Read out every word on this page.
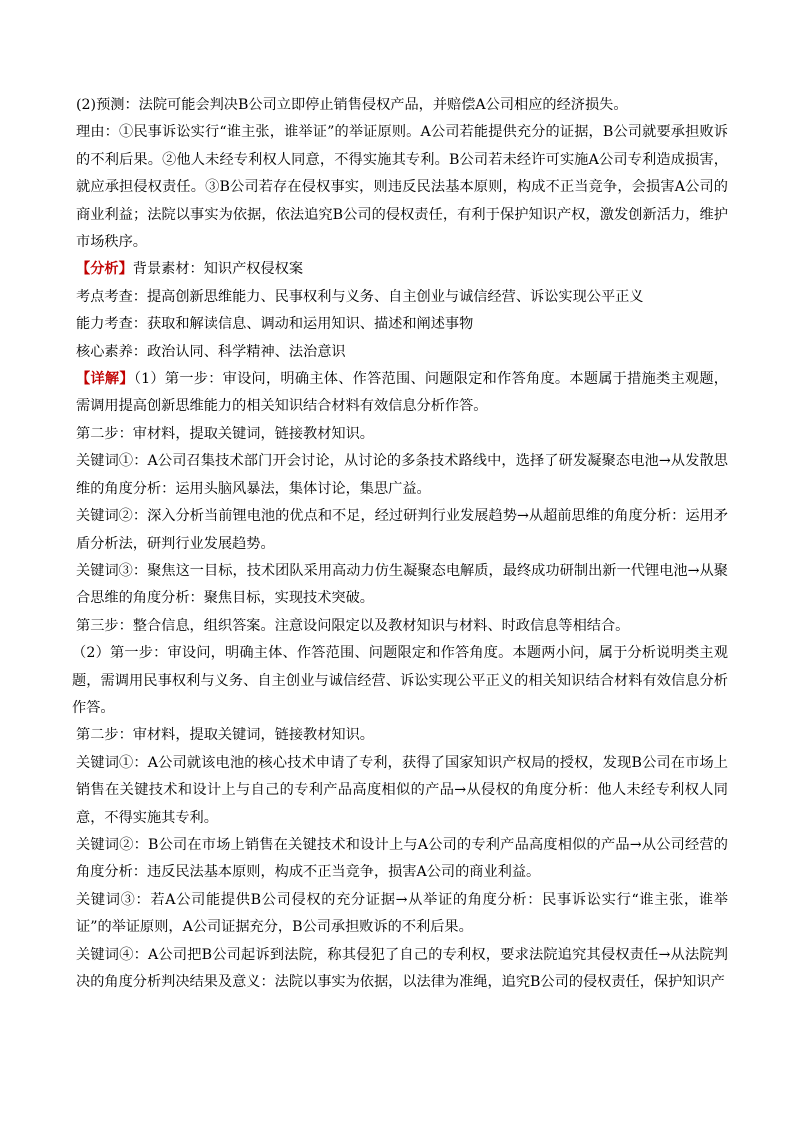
(2)预测：法院可能会判决B公司立即停止销售侵权产品，并赔偿A公司相应的经济损失。

理由：①民事诉讼实行“谁主张，谁举证”的举证原则。A公司若能提供充分的证据，B公司就要承担败诉的不利后果。②他人未经专利权人同意，不得实施其专利。B公司若未经许可实施A公司专利造成损害，就应承担侵权责任。③B公司若存在侵权事实，则违反民法基本原则，构成不正当竞争，会损害A公司的商业利益；法院以事实为依据，依法追究B公司的侵权责任，有利于保护知识产权，激发创新活力，维护市场秩序。

【分析】背景素材：知识产权侵权案

考点考查：提高创新思维能力、民事权利与义务、自主创业与诚信经营、诉讼实现公平正义

能力考查：获取和解读信息、调动和运用知识、描述和阐述事物

核心素养：政治认同、科学精神、法治意识

【详解】（1）第一步：审设问，明确主体、作答范围、问题限定和作答角度。本题属于措施类主观题，需调用提高创新思维能力的相关知识结合材料有效信息分析作答。

第二步：审材料，提取关键词，链接教材知识。

关键词①：A公司召集技术部门开会讨论，从讨论的多条技术路线中，选择了研发凝聚态电池→从发散思维的角度分析：运用头脑风暴法，集体讨论，集思广益。

关键词②：深入分析当前锂电池的优点和不足，经过研判行业发展趋势→从超前思维的角度分析：运用矛盾分析法，研判行业发展趋势。

关键词③：聚焦这一目标，技术团队采用高动力仿生凝聚态电解质，最终成功研制出新一代锂电池→从聚合思维的角度分析：聚焦目标，实现技术突破。

第三步：整合信息，组织答案。注意设问限定以及教材知识与材料、时政信息等相结合。

（2）第一步：审设问，明确主体、作答范围、问题限定和作答角度。本题两小问，属于分析说明类主观题，需调用民事权利与义务、自主创业与诚信经营、诉讼实现公平正义的相关知识结合材料有效信息分析作答。

第二步：审材料，提取关键词，链接教材知识。

关键词①：A公司就该电池的核心技术申请了专利，获得了国家知识产权局的授权，发现B公司在市场上销售在关键技术和设计上与自己的专利产品高度相似的产品→从侵权的角度分析：他人未经专利权人同意，不得实施其专利。

关键词②：B公司在市场上销售在关键技术和设计上与A公司的专利产品高度相似的产品→从公司经营的角度分析：违反民法基本原则，构成不正当竞争，损害A公司的商业利益。

关键词③：若A公司能提供B公司侵权的充分证据→从举证的角度分析：民事诉讼实行“谁主张，谁举证”的举证原则，A公司证据充分，B公司承担败诉的不利后果。

关键词④：A公司把B公司起诉到法院，称其侵犯了自己的专利权，要求法院追究其侵权责任→从法院判决的角度分析判决结果及意义：法院以事实为依据，以法律为准绳，追究B公司的侵权责任，保护知识产
